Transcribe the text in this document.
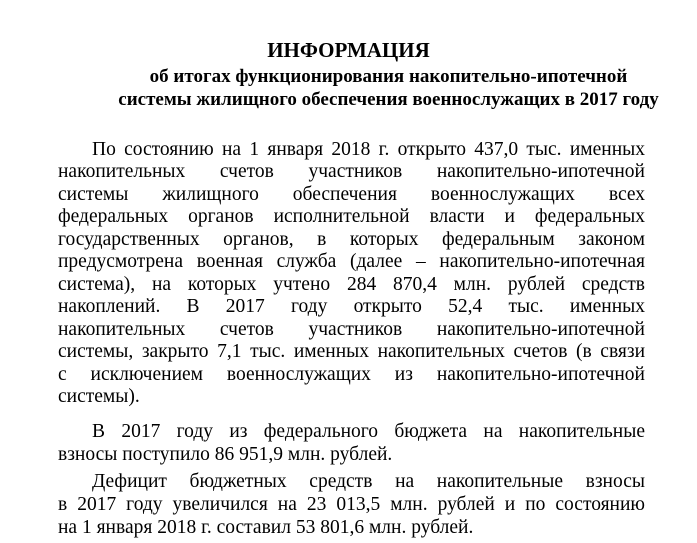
ИНФОРМАЦИЯ
об итогах функционирования накопительно-ипотечной
системы жилищного обеспечения военнослужащих в 2017 году
По состоянию на 1 января 2018 г. открыто 437,0 тыс. именных
накопительных счетов участников накопительно-ипотечной
системы жилищного обеспечения военнослужащих всех
федеральных органов исполнительной власти и федеральных
государственных органов, в которых федеральным законом
предусмотрена военная служба (далее – накопительно-ипотечная
система), на которых учтено 284 870,4 млн. рублей средств
накоплений. В 2017 году открыто 52,4 тыс. именных
накопительных счетов участников накопительно-ипотечной
системы, закрыто 7,1 тыс. именных накопительных счетов (в связи
с исключением военнослужащих из накопительно-ипотечной
системы).
В 2017 году из федерального бюджета на накопительные
взносы поступило 86 951,9 млн. рублей.
Дефицит бюджетных средств на накопительные взносы
в 2017 году увеличился на 23 013,5 млн. рублей и по состоянию
на 1 января 2018 г. составил 53 801,6 млн. рублей.
